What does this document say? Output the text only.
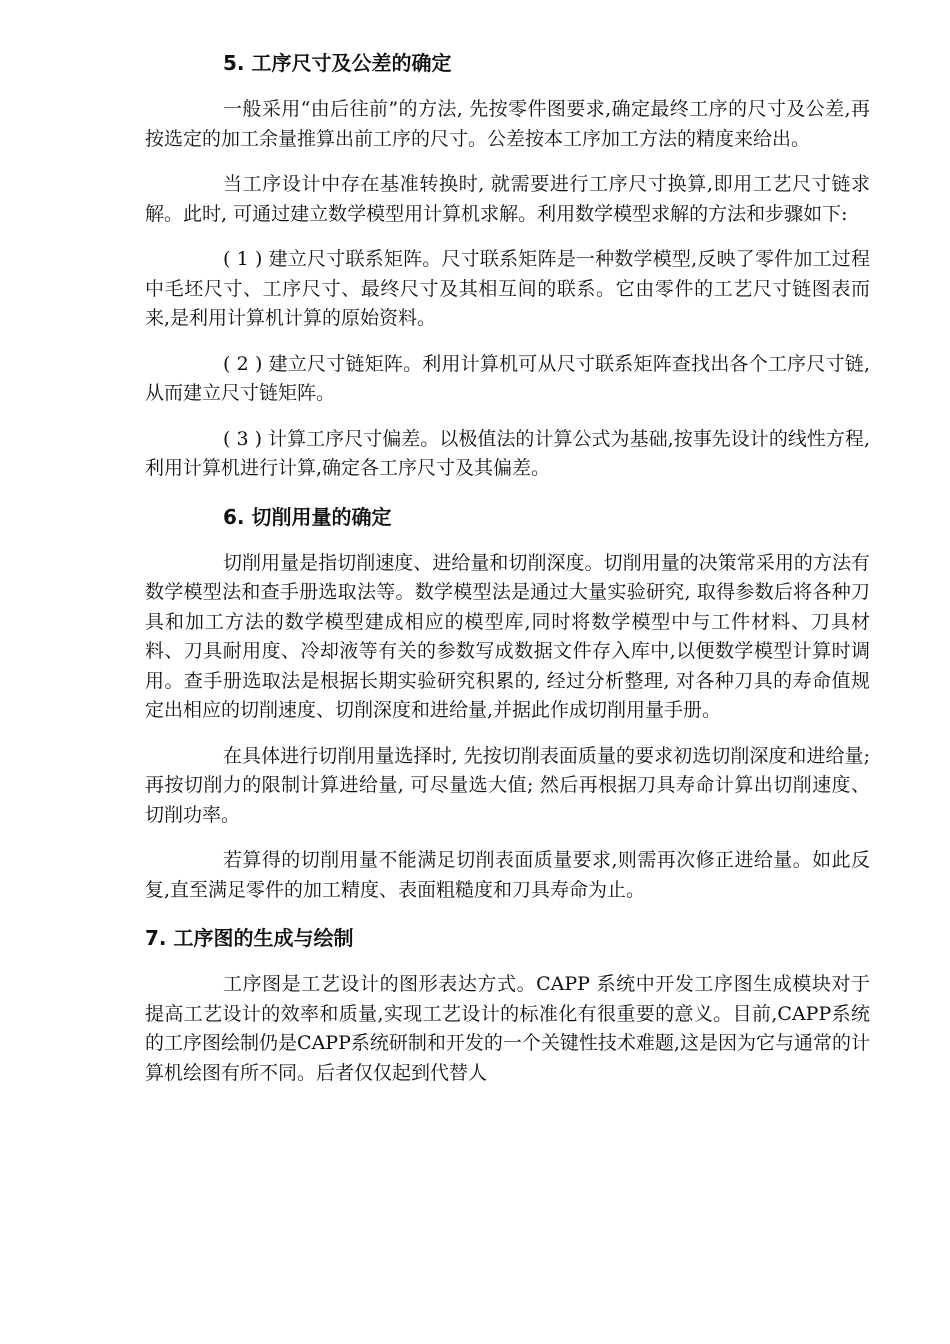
5. 工序尺寸及公差的确定

一般采用“由后往前”的方法, 先按零件图要求,确定最终工序的尺寸及公差,再按选定的加工余量推算出前工序的尺寸。公差按本工序加工方法的精度来给出。

当工序设计中存在基准转换时, 就需要进行工序尺寸换算,即用工艺尺寸链求解。此时, 可通过建立数学模型用计算机求解。利用数学模型求解的方法和步骤如下:

( 1 ) 建立尺寸联系矩阵。尺寸联系矩阵是一种数学模型,反映了零件加工过程中毛坯尺寸、工序尺寸、最终尺寸及其相互间的联系。它由零件的工艺尺寸链图表而来,是利用计算机计算的原始资料。

( 2 ) 建立尺寸链矩阵。利用计算机可从尺寸联系矩阵查找出各个工序尺寸链,从而建立尺寸链矩阵。

( 3 ) 计算工序尺寸偏差。以极值法的计算公式为基础,按事先设计的线性方程,利用计算机进行计算,确定各工序尺寸及其偏差。

6. 切削用量的确定

切削用量是指切削速度、进给量和切削深度。切削用量的决策常采用的方法有数学模型法和查手册选取法等。数学模型法是通过大量实验研究, 取得参数后将各种刀具和加工方法的数学模型建成相应的模型库,同时将数学模型中与工件材料、刀具材料、刀具耐用度、冷却液等有关的参数写成数据文件存入库中,以便数学模型计算时调用。查手册选取法是根据长期实验研究积累的, 经过分析整理, 对各种刀具的寿命值规定出相应的切削速度、切削深度和进给量,并据此作成切削用量手册。

在具体进行切削用量选择时, 先按切削表面质量的要求初选切削深度和进给量; 再按切削力的限制计算进给量, 可尽量选大值; 然后再根据刀具寿命计算出切削速度、切削功率。

若算得的切削用量不能满足切削表面质量要求,则需再次修正进给量。如此反复,直至满足零件的加工精度、表面粗糙度和刀具寿命为止。

7. 工序图的生成与绘制

工序图是工艺设计的图形表达方式。CAPP 系统中开发工序图生成模块对于提高工艺设计的效率和质量,实现工艺设计的标准化有很重要的意义。目前,CAPP系统的工序图绘制仍是CAPP系统研制和开发的一个关键性技术难题,这是因为它与通常的计算机绘图有所不同。后者仅仅起到代替人
